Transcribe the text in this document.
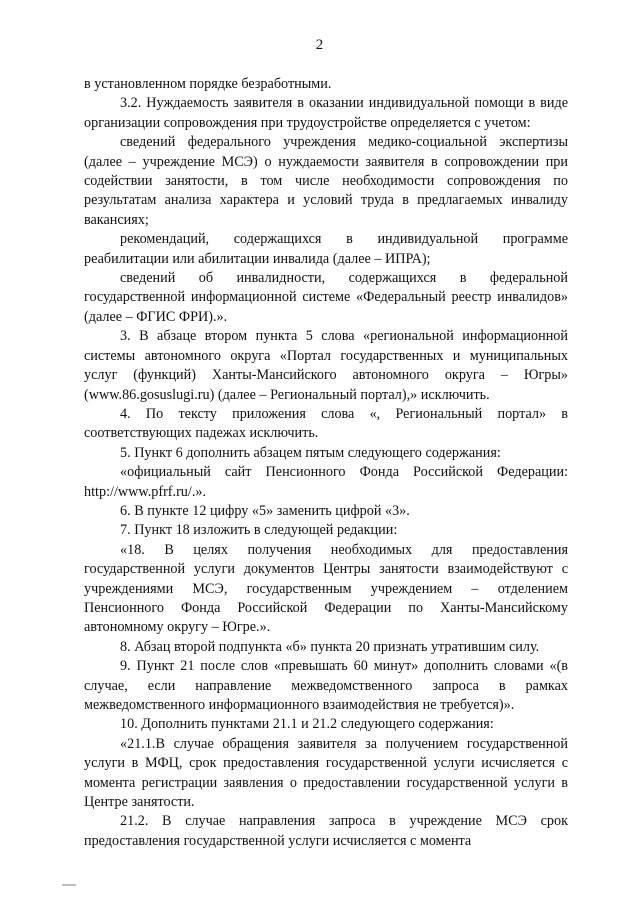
2

в установленном порядке безработными.

3.2. Нуждаемость заявителя в оказании индивидуальной помощи в виде организации сопровождения при трудоустройстве определяется с учетом:

сведений федерального учреждения медико-социальной экспертизы (далее – учреждение МСЭ) о нуждаемости заявителя в сопровождении при содействии занятости, в том числе необходимости сопровождения по результатам анализа характера и условий труда в предлагаемых инвалиду вакансиях;

рекомендаций, содержащихся в индивидуальной программе реабилитации или абилитации инвалида (далее – ИПРА);

сведений об инвалидности, содержащихся в федеральной государственной информационной системе «Федеральный реестр инвалидов» (далее – ФГИС ФРИ).».

3. В абзаце втором пункта 5 слова «региональной информационной системы автономного округа «Портал государственных и муниципальных услуг (функций) Ханты-Мансийского автономного округа – Югры» (www.86.gosuslugi.ru) (далее – Региональный портал),» исключить.

4. По тексту приложения слова «, Региональный портал» в соответствующих падежах исключить.

5. Пункт 6 дополнить абзацем пятым следующего содержания:

«официальный сайт Пенсионного Фонда Российской Федерации: http://www.pfrf.ru/.».

6. В пункте 12 цифру «5» заменить цифрой «3».

7. Пункт 18 изложить в следующей редакции:

«18. В целях получения необходимых для предоставления государственной услуги документов Центры занятости взаимодействуют с учреждениями МСЭ, государственным учреждением – отделением Пенсионного Фонда Российской Федерации по Ханты-Мансийскому автономному округу – Югре.».

8. Абзац второй подпункта «б» пункта 20 признать утратившим силу.

9. Пункт 21 после слов «превышать 60 минут» дополнить словами «(в случае, если направление межведомственного запроса в рамках межведомственного информационного взаимодействия не требуется)».

10. Дополнить пунктами 21.1 и 21.2 следующего содержания:

«21.1.В случае обращения заявителя за получением государственной услуги в МФЦ, срок предоставления государственной услуги исчисляется с момента регистрации заявления о предоставлении государственной услуги в Центре занятости.

21.2. В случае направления запроса в учреждение МСЭ срок предоставления государственной услуги исчисляется с момента
